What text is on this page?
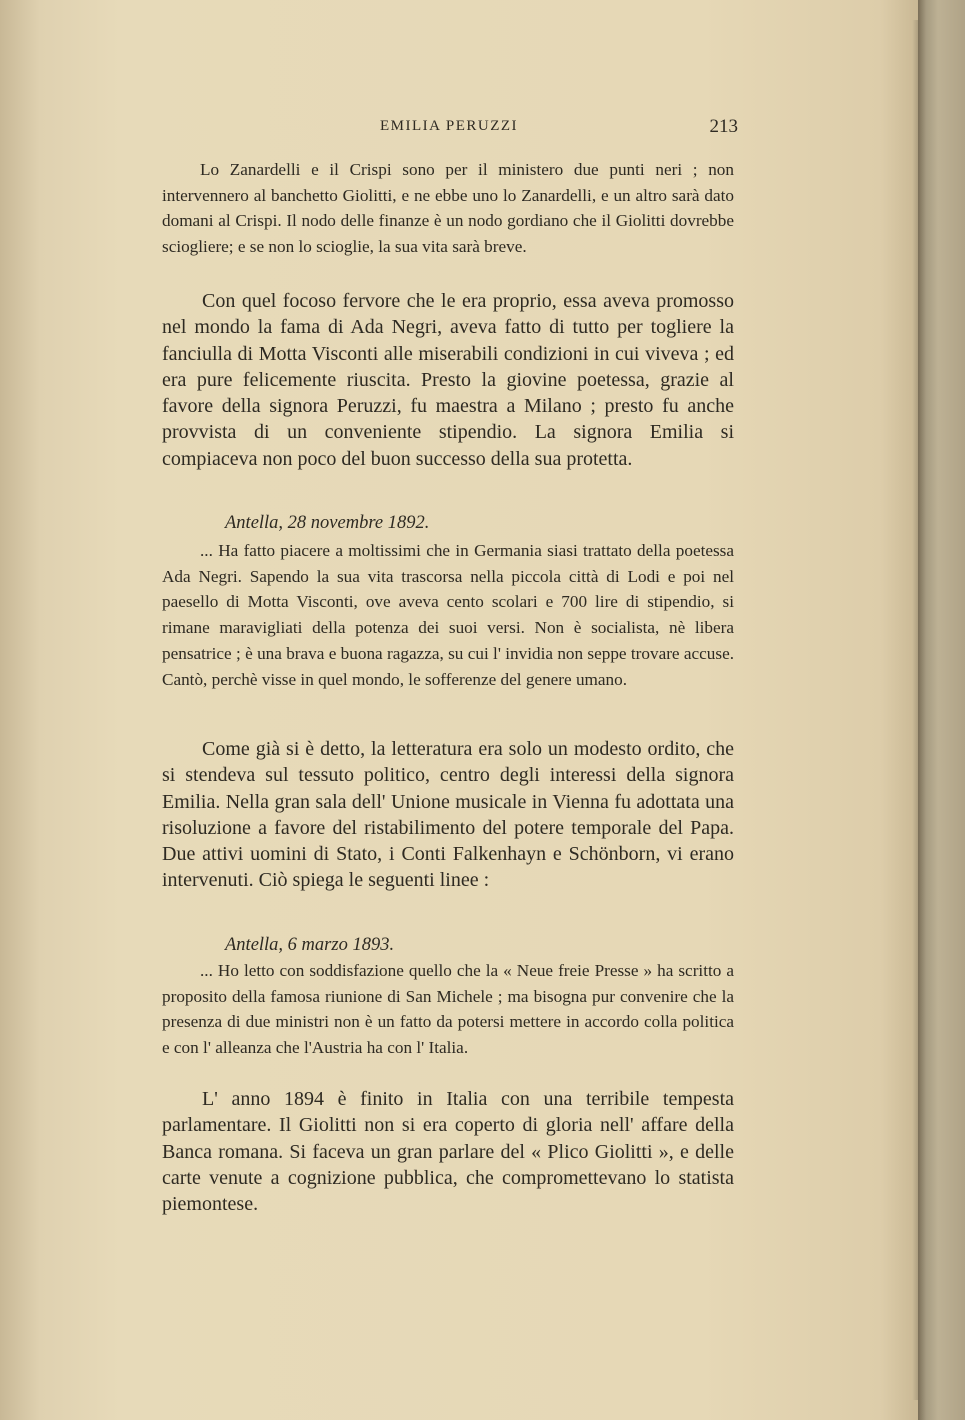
EMILIA PERUZZI	213

Lo Zanardelli e il Crispi sono per il ministero due punti neri ; non intervennero al banchetto Giolitti, e ne ebbe uno lo Zanardelli, e un altro sarà dato domani al Crispi. Il nodo delle finanze è un nodo gordiano che il Giolitti dovrebbe sciogliere; e se non lo scioglie, la sua vita sarà breve.

Con quel focoso fervore che le era proprio, essa aveva promosso nel mondo la fama di Ada Negri, aveva fatto di tutto per togliere la fanciulla di Motta Visconti alle miserabili condizioni in cui viveva ; ed era pure felicemente riuscita. Presto la giovine poetessa, grazie al favore della signora Peruzzi, fu maestra a Milano ; presto fu anche provvista di un conveniente stipendio. La signora Emilia si compiaceva non poco del buon successo della sua protetta.

Antella, 28 novembre 1892.

... Ha fatto piacere a moltissimi che in Germania siasi trattato della poetessa Ada Negri. Sapendo la sua vita trascorsa nella piccola città di Lodi e poi nel paesello di Motta Visconti, ove aveva cento scolari e 700 lire di stipendio, si rimane maravigliati della potenza dei suoi versi. Non è socialista, nè libera pensatrice ; è una brava e buona ragazza, su cui l' invidia non seppe trovare accuse. Cantò, perchè visse in quel mondo, le sofferenze del genere umano.

Come già si è detto, la letteratura era solo un modesto ordito, che si stendeva sul tessuto politico, centro degli interessi della signora Emilia. Nella gran sala dell' Unione musicale in Vienna fu adottata una risoluzione a favore del ristabilimento del potere temporale del Papa. Due attivi uomini di Stato, i Conti Falkenhayn e Schönborn, vi erano intervenuti. Ciò spiega le seguenti linee :

Antella, 6 marzo 1893.

... Ho letto con soddisfazione quello che la « Neue freie Presse » ha scritto a proposito della famosa riunione di San Michele ; ma bisogna pur convenire che la presenza di due ministri non è un fatto da potersi mettere in accordo colla politica e con l' alleanza che l'Austria ha con l' Italia.

L' anno 1894 è finito in Italia con una terribile tempesta parlamentare. Il Giolitti non si era coperto di gloria nell' affare della Banca romana. Si faceva un gran parlare del « Plico Giolitti », e delle carte venute a cognizione pubblica, che compromettevano lo statista piemontese.
